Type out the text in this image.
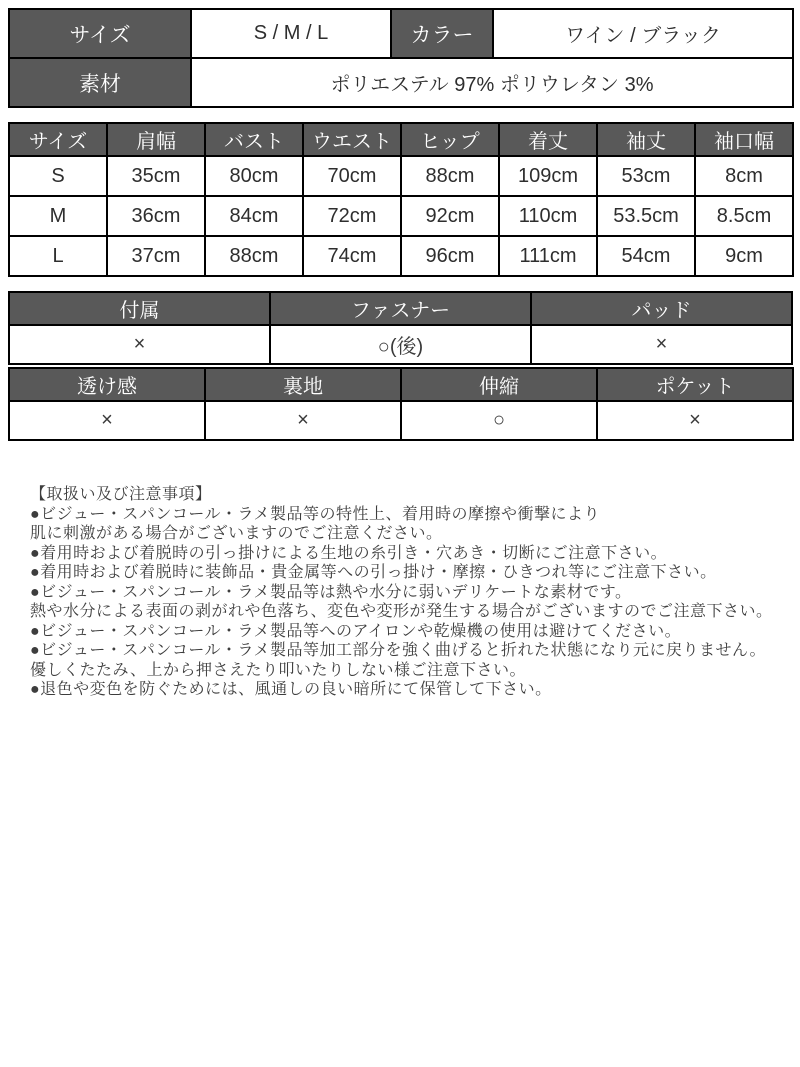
サイズ	S / M / L	カラー	ワイン / ブラック
素材	ポリエステル 97% ポリウレタン 3%		
サイズ	肩幅	バスト	ウエスト	ヒップ	着丈	袖丈	袖口幅
S	35cm	80cm	70cm	88cm	109cm	53cm	8cm
M	36cm	84cm	72cm	92cm	110cm	53.5cm	8.5cm
L	37cm	88cm	74cm	96cm	111cm	54cm	9cm
付属	ファスナー	パッド
×	○(後)	×
透け感	裏地	伸縮	ポケット
×	×	○	×
【取扱い及び注意事項】
●ビジュー・スパンコール・ラメ製品等の特性上、着用時の摩擦や衝撃により
肌に刺激がある場合がございますのでご注意ください。
●着用時および着脱時の引っ掛けによる生地の糸引き・穴あき・切断にご注意下さい。
●着用時および着脱時に装飾品・貴金属等への引っ掛け・摩擦・ひきつれ等にご注意下さい。
●ビジュー・スパンコール・ラメ製品等は熱や水分に弱いデリケートな素材です。
熱や水分による表面の剥がれや色落ち、変色や変形が発生する場合がございますのでご注意下さい。
●ビジュー・スパンコール・ラメ製品等へのアイロンや乾燥機の使用は避けてください。
●ビジュー・スパンコール・ラメ製品等加工部分を強く曲げると折れた状態になり元に戻りません。
優しくたたみ、上から押さえたり叩いたりしない様ご注意下さい。
●退色や変色を防ぐためには、風通しの良い暗所にて保管して下さい。
